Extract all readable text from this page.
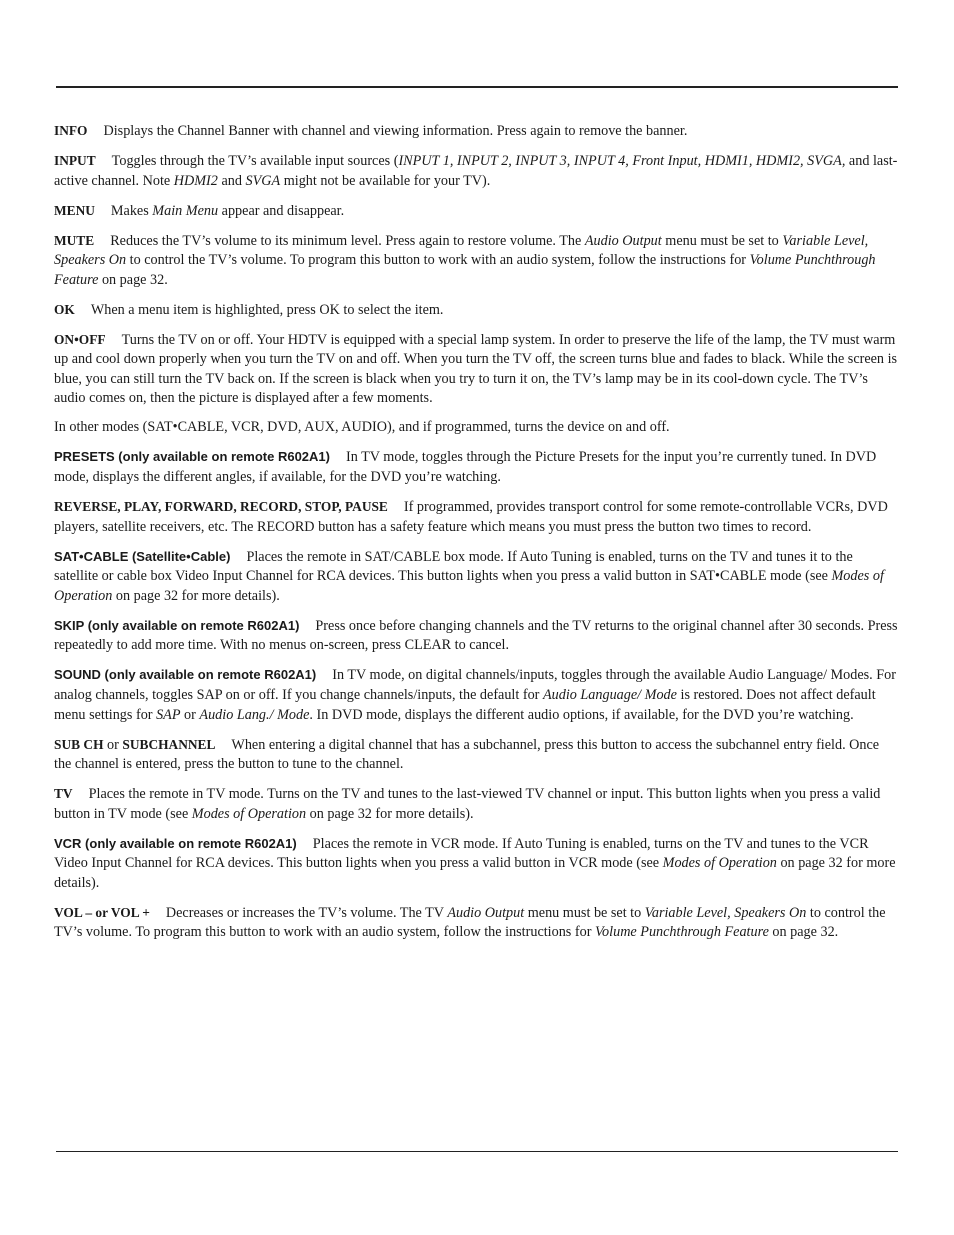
INFO Displays the Channel Banner with channel and viewing information. Press again to remove the banner.

INPUT Toggles through the TV’s available input sources (INPUT 1, INPUT 2, INPUT 3, INPUT 4, Front Input, HDMI1, HDMI2, SVGA, and last-active channel. Note HDMI2 and SVGA might not be available for your TV).

MENU Makes Main Menu appear and disappear.

MUTE Reduces the TV’s volume to its minimum level. Press again to restore volume. The Audio Output menu must be set to Variable Level, Speakers On to control the TV’s volume. To program this button to work with an audio system, follow the instructions for Volume Punchthrough Feature on page 32.

OK When a menu item is highlighted, press OK to select the item.

ON•OFF Turns the TV on or off. Your HDTV is equipped with a special lamp system. In order to preserve the life of the lamp, the TV must warm up and cool down properly when you turn the TV on and off. When you turn the TV off, the screen turns blue and fades to black. While the screen is blue, you can still turn the TV back on. If the screen is black when you try to turn it on, the TV’s lamp may be in its cool-down cycle. The TV’s audio comes on, then the picture is displayed after a few moments.

In other modes (SAT•CABLE, VCR, DVD, AUX, AUDIO), and if programmed, turns the device on and off.

PRESETS (only available on remote R602A1) In TV mode, toggles through the Picture Presets for the input you’re currently tuned. In DVD mode, displays the different angles, if available, for the DVD you’re watching.

REVERSE, PLAY, FORWARD, RECORD, STOP, PAUSE If programmed, provides transport control for some remote-controllable VCRs, DVD players, satellite receivers, etc. The RECORD button has a safety feature which means you must press the button two times to record.

SAT•CABLE (Satellite•Cable) Places the remote in SAT/CABLE box mode. If Auto Tuning is enabled, turns on the TV and tunes it to the satellite or cable box Video Input Channel for RCA devices. This button lights when you press a valid button in SAT•CABLE mode (see Modes of Operation on page 32 for more details).

SKIP (only available on remote R602A1) Press once before changing channels and the TV returns to the original channel after 30 seconds. Press repeatedly to add more time. With no menus on-screen, press CLEAR to cancel.

SOUND (only available on remote R602A1) In TV mode, on digital channels/inputs, toggles through the available Audio Language/ Modes. For analog channels, toggles SAP on or off. If you change channels/inputs, the default for Audio Language/ Mode is restored. Does not affect default menu settings for SAP or Audio Lang./ Mode. In DVD mode, displays the different audio options, if available, for the DVD you’re watching.

SUB CH or SUBCHANNEL When entering a digital channel that has a subchannel, press this button to access the subchannel entry field. Once the channel is entered, press the button to tune to the channel.

TV Places the remote in TV mode. Turns on the TV and tunes to the last-viewed TV channel or input. This button lights when you press a valid button in TV mode (see Modes of Operation on page 32 for more details).

VCR (only available on remote R602A1) Places the remote in VCR mode. If Auto Tuning is enabled, turns on the TV and tunes to the VCR Video Input Channel for RCA devices. This button lights when you press a valid button in VCR mode (see Modes of Operation on page 32 for more details).

VOL – or VOL + Decreases or increases the TV’s volume. The TV Audio Output menu must be set to Variable Level, Speakers On to control the TV’s volume. To program this button to work with an audio system, follow the instructions for Volume Punchthrough Feature on page 32.
